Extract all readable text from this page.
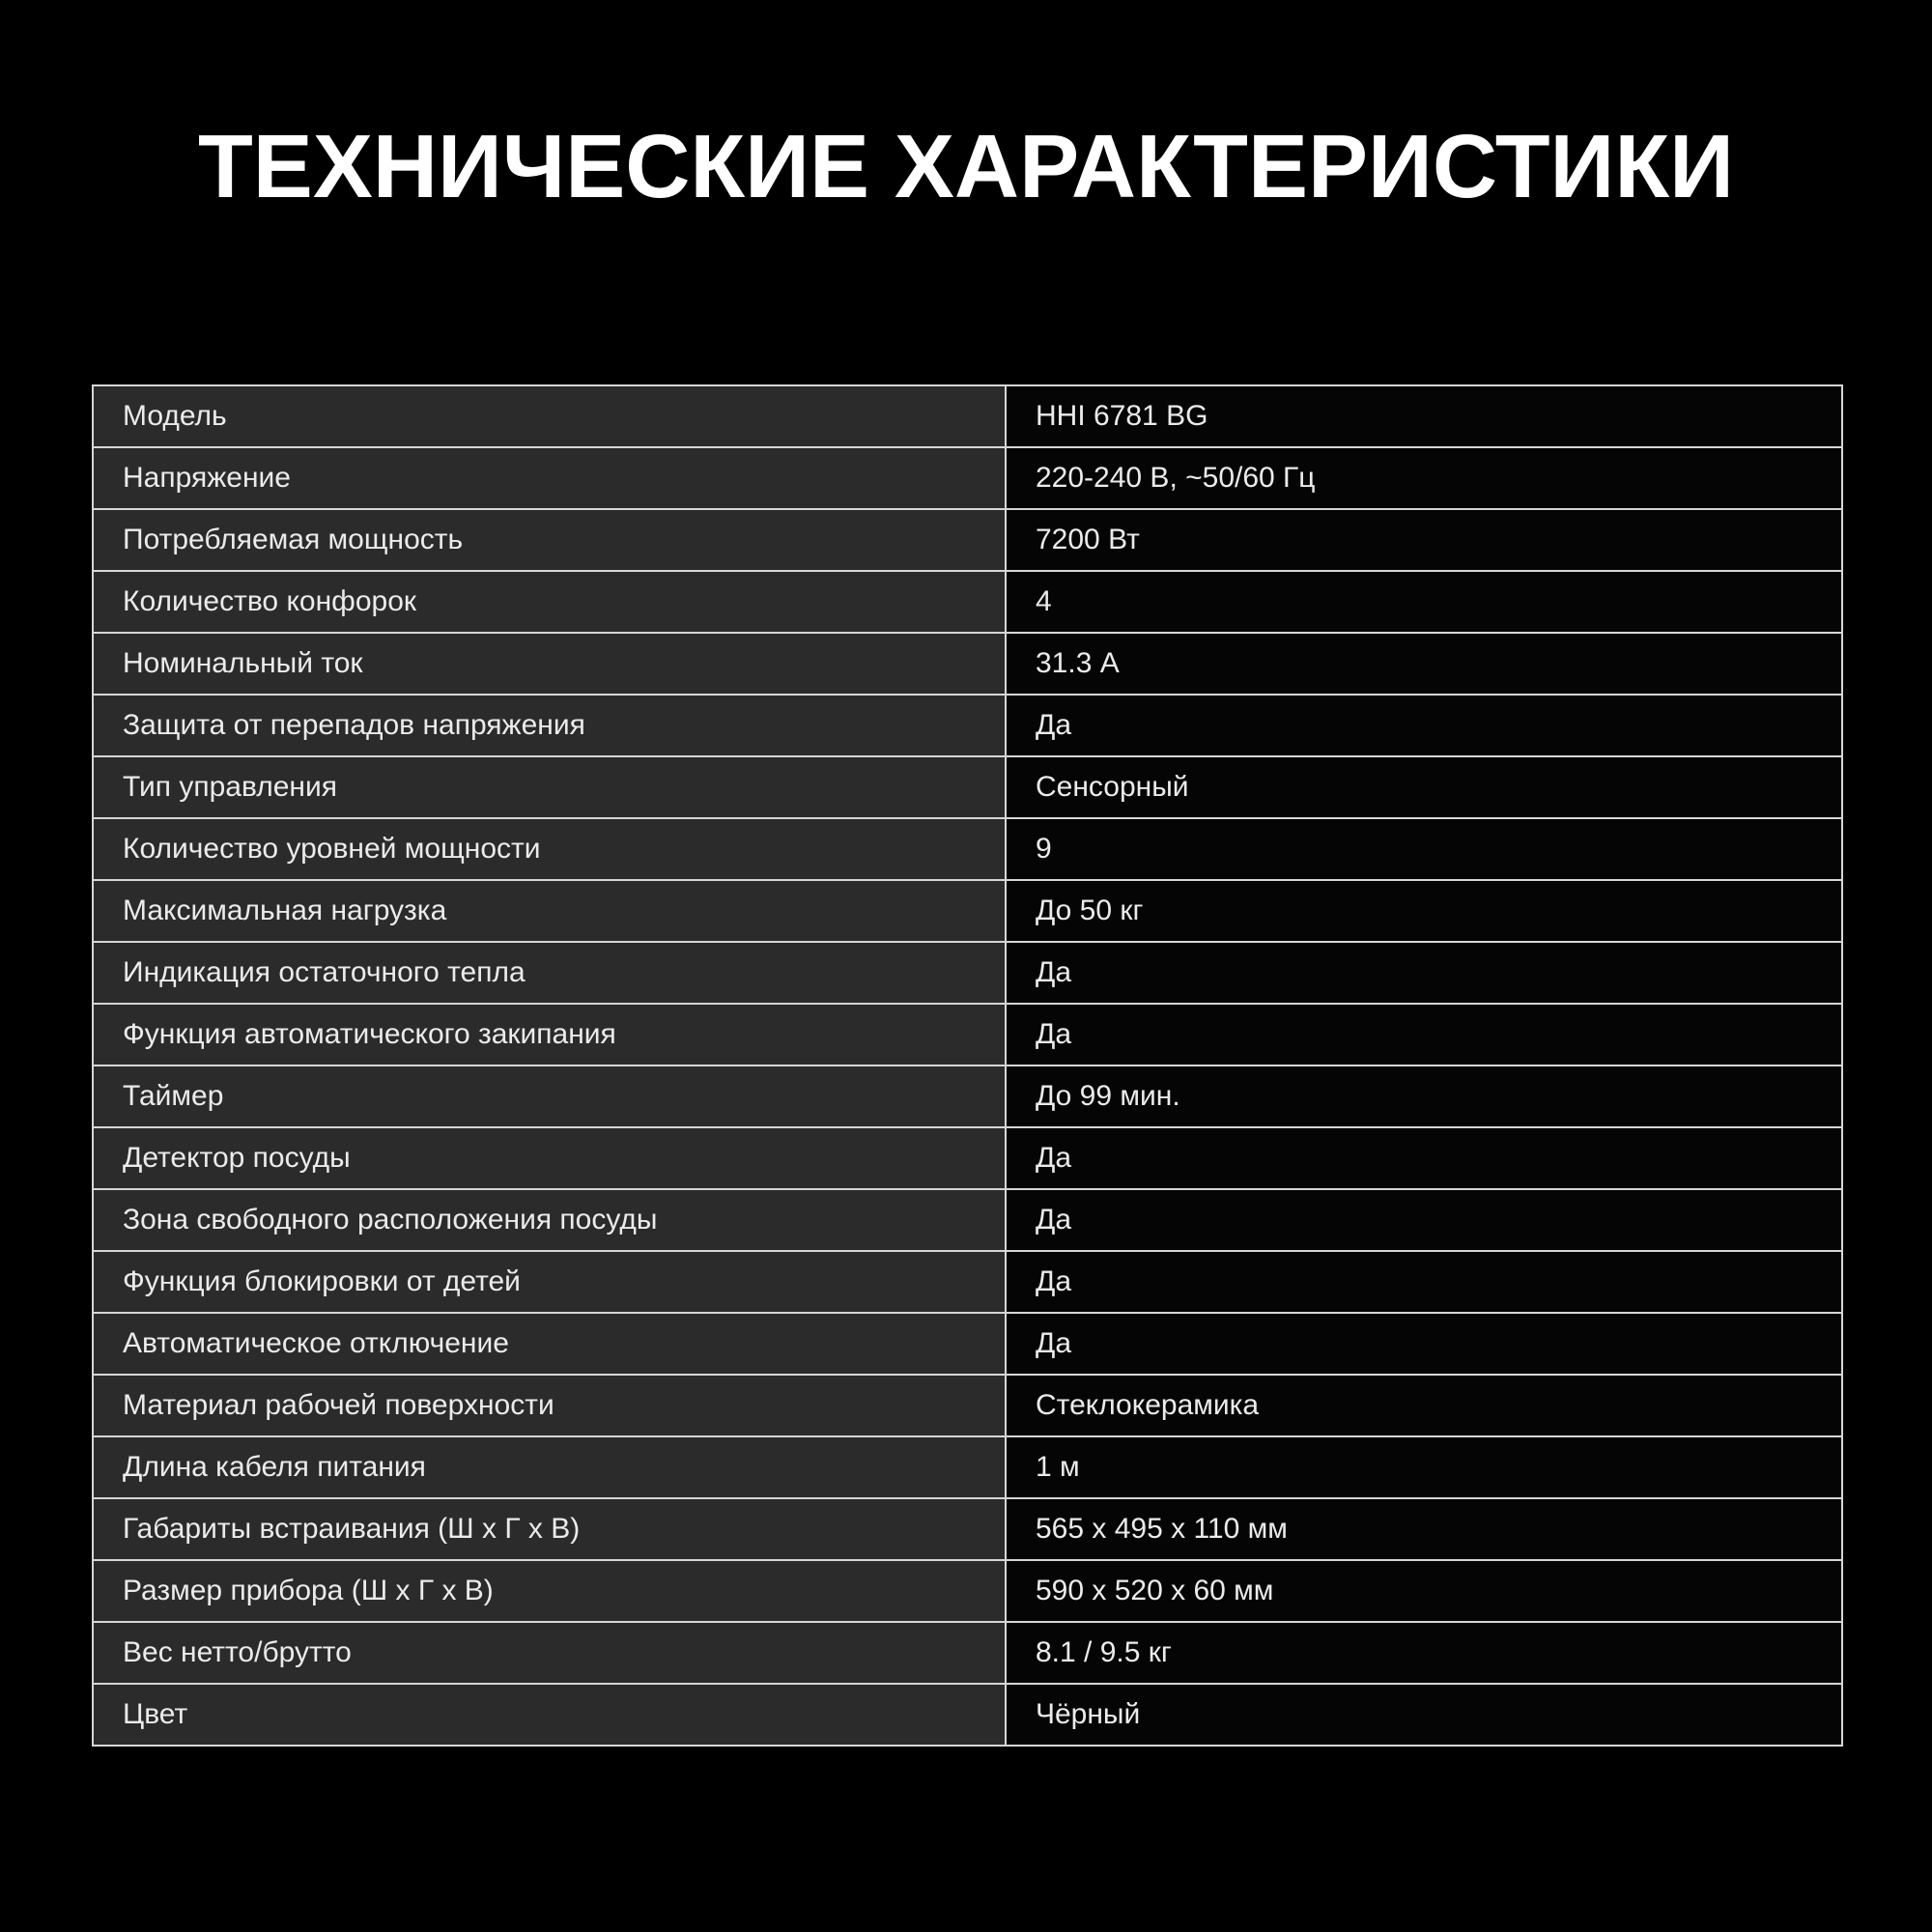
ТЕХНИЧЕСКИЕ ХАРАКТЕРИСТИКИ
Модель	HHI 6781 BG
Напряжение	220-240 В, ~50/60 Гц
Потребляемая мощность	7200 Вт
Количество конфорок	4
Номинальный ток	31.3 А
Защита от перепадов напряжения	Да
Тип управления	Сенсорный
Количество уровней мощности	9
Максимальная нагрузка	До 50 кг
Индикация остаточного тепла	Да
Функция автоматического закипания	Да
Таймер	До 99 мин.
Детектор посуды	Да
Зона свободного расположения посуды	Да
Функция блокировки от детей	Да
Автоматическое отключение	Да
Материал рабочей поверхности	Стеклокерамика
Длина кабеля питания	1 м
Габариты встраивания (Ш х Г х В)	565 х 495 х 110 мм
Размер прибора (Ш х Г х В)	590 х 520 х 60 мм
Вес нетто/брутто	8.1 / 9.5 кг
Цвет	Чёрный
